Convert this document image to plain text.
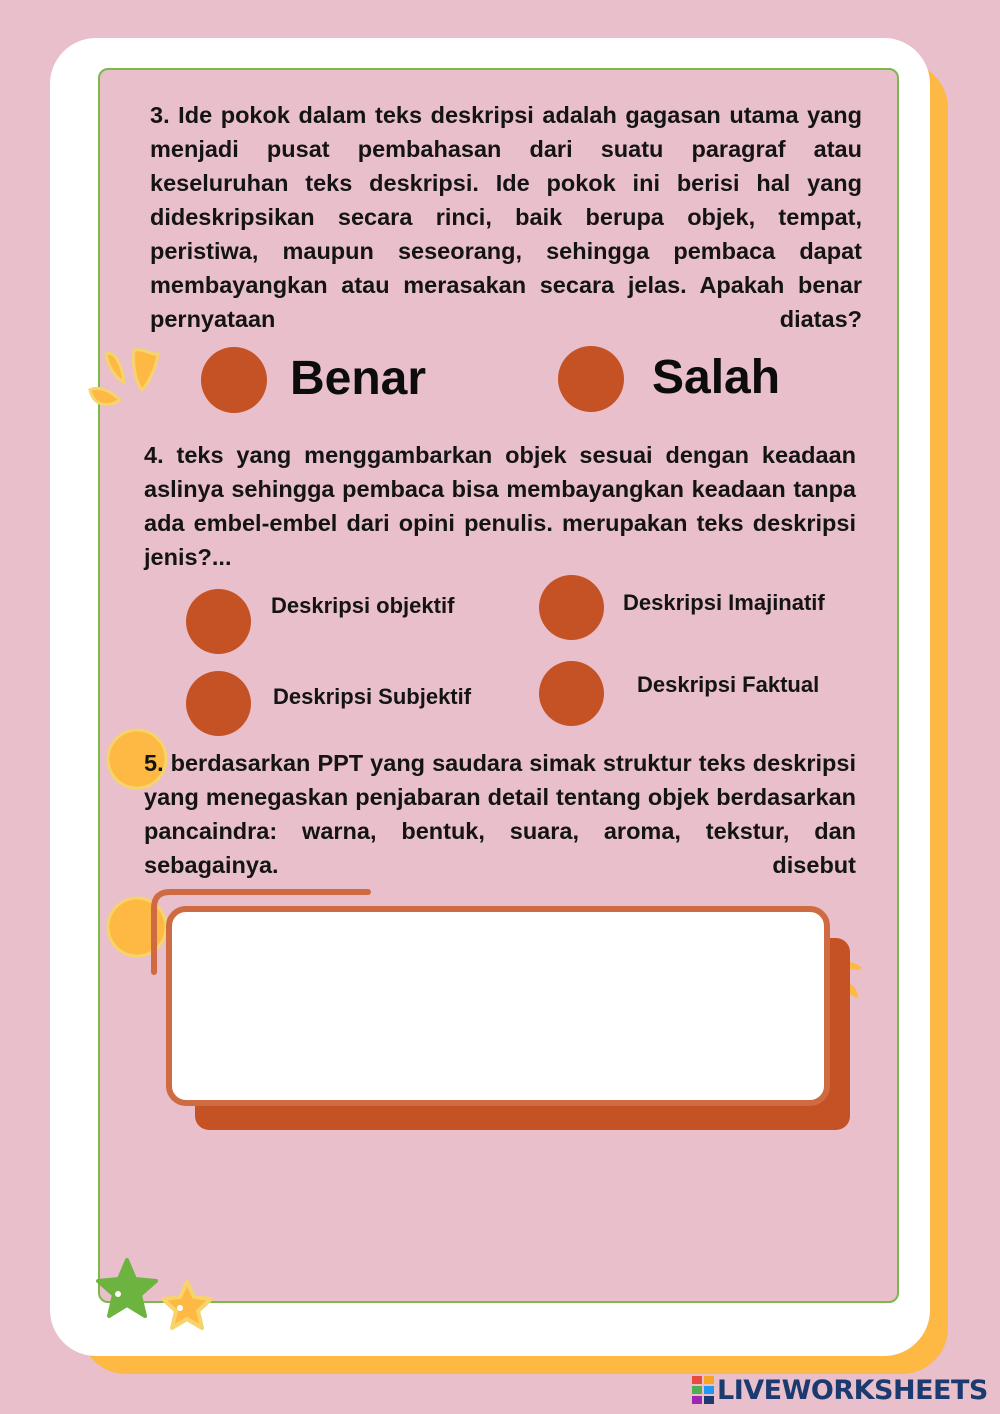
3. Ide pokok dalam teks deskripsi adalah gagasan utama yang menjadi pusat pembahasan dari suatu paragraf atau keseluruhan teks deskripsi. Ide pokok ini berisi hal yang dideskripsikan secara rinci, baik berupa objek, tempat, peristiwa, maupun seseorang, sehingga pembaca dapat membayangkan atau merasakan secara jelas. Apakah benar pernyataan diatas?

Benar	Salah

4. teks yang menggambarkan objek sesuai dengan keadaan aslinya sehingga pembaca bisa membayangkan keadaan tanpa ada embel-embel dari opini penulis. merupakan teks deskripsi jenis?...

Deskripsi objektif	Deskripsi Imajinatif
Deskripsi Subjektif	Deskripsi Faktual

5. berdasarkan PPT yang saudara simak struktur teks deskripsi yang menegaskan penjabaran detail tentang objek berdasarkan pancaindra: warna, bentuk, suara, aroma, tekstur, dan sebagainya. disebut

LIVEWORKSHEETS
